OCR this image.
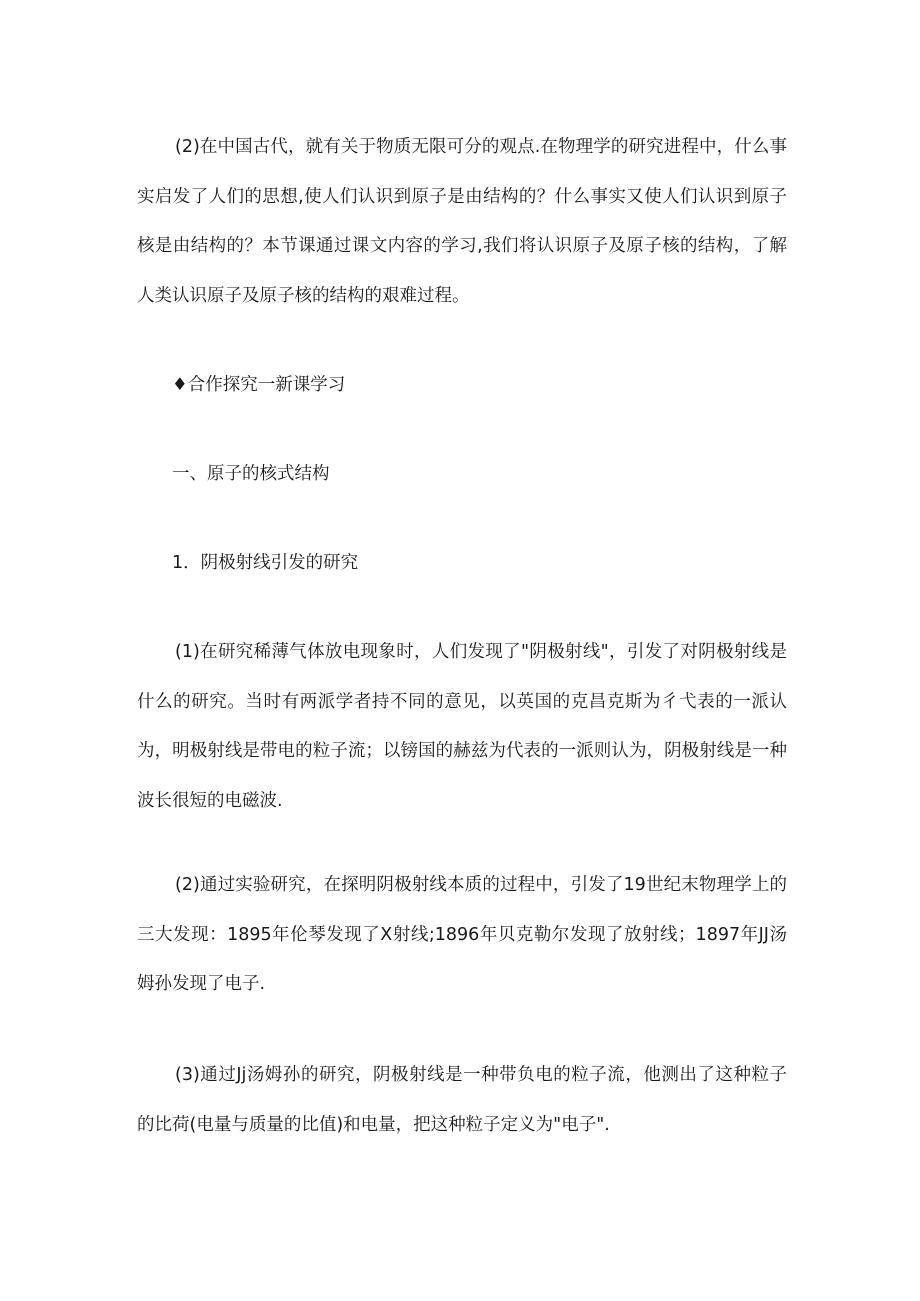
(2)在中国古代，就有关于物质无限可分的观点.在物理学的研究进程中，什么事实启发了人们的思想,使人们认识到原子是由结构的？什么事实又使人们认识到原子核是由结构的？本节课通过课文内容的学习,我们将认识原子及原子核的结构，了解人类认识原子及原子核的结构的艰难过程。

♦合作探究一新课学习

一、原子的核式结构

1．阴极射线引发的研究

(1)在研究稀薄气体放电现象时，人们发现了"阴极射线"，引发了对阴极射线是什么的研究。当时有两派学者持不同的意见，以英国的克昌克斯为彳弋表的一派认为，明极射线是带电的粒子流；以镑国的赫兹为代表的一派则认为，阴极射线是一种波长很短的电磁波.

(2)通过实验研究，在探明阴极射线本质的过程中，引发了19世纪末物理学上的三大发现：1895年伦琴发现了X射线;1896年贝克勒尔发现了放射线；1897年JJ汤姆孙发现了电子.

(3)通过Jj汤姆孙的研究，阴极射线是一种带负电的粒子流，他测出了这种粒子的比荷(电量与质量的比值)和电量，把这种粒子定义为"电子".
